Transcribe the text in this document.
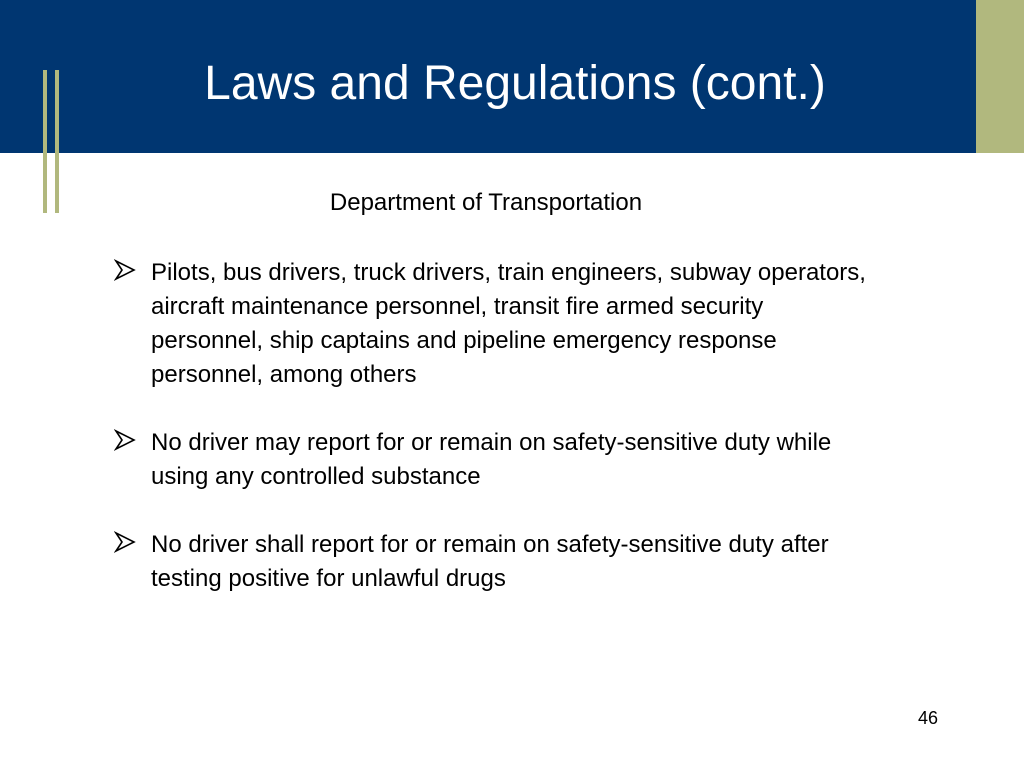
Laws and Regulations (cont.)
Department of Transportation
Pilots, bus drivers, truck drivers, train engineers, subway operators, aircraft maintenance personnel, transit fire armed security personnel, ship captains and pipeline emergency response personnel, among others
No driver may report for or remain on safety-sensitive duty while using any controlled substance
No driver shall report for or remain on safety-sensitive duty after testing positive for unlawful drugs
46
